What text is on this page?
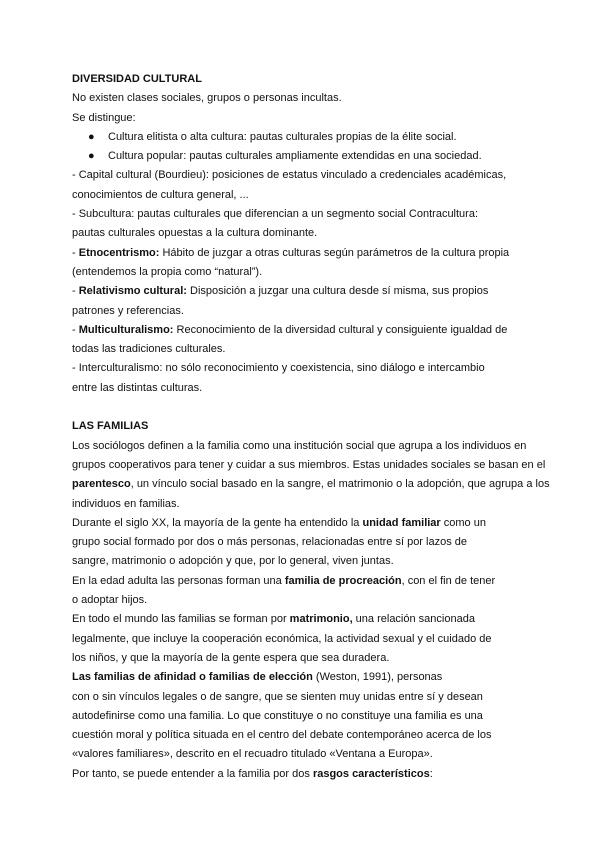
DIVERSIDAD CULTURAL
No existen clases sociales, grupos o personas incultas.
Se distingue:
● Cultura elitista o alta cultura: pautas culturales propias de la élite social.
● Cultura popular: pautas culturales ampliamente extendidas en una sociedad.
- Capital cultural (Bourdieu): posiciones de estatus vinculado a credenciales académicas,
conocimientos de cultura general, ...
- Subcultura: pautas culturales que diferencian a un segmento social Contracultura:
pautas culturales opuestas a la cultura dominante.
- Etnocentrismo: Hábito de juzgar a otras culturas según parámetros de la cultura propia
(entendemos la propia como “natural”).
- Relativismo cultural: Disposición a juzgar una cultura desde sí misma, sus propios
patrones y referencias.
- Multiculturalismo: Reconocimiento de la diversidad cultural y consiguiente igualdad de
todas las tradiciones culturales.
- Interculturalismo: no sólo reconocimiento y coexistencia, sino diálogo e intercambio
entre las distintas culturas.
LAS FAMILIAS
Los sociólogos definen a la familia como una institución social que agrupa a los individuos en
grupos cooperativos para tener y cuidar a sus miembros. Estas unidades sociales se basan en el
parentesco, un vínculo social basado en la sangre, el matrimonio o la adopción, que agrupa a los
individuos en familias.
Durante el siglo XX, la mayoría de la gente ha entendido la unidad familiar como un
grupo social formado por dos o más personas, relacionadas entre sí por lazos de
sangre, matrimonio o adopción y que, por lo general, viven juntas.
En la edad adulta las personas forman una familia de procreación, con el fin de tener
o adoptar hijos.
En todo el mundo las familias se forman por matrimonio, una relación sancionada
legalmente, que incluye la cooperación económica, la actividad sexual y el cuidado de
los niños, y que la mayoría de la gente espera que sea duradera.
Las familias de afinidad o familias de elección (Weston, 1991), personas
con o sin vínculos legales o de sangre, que se sienten muy unidas entre sí y desean
autodefinirse como una familia. Lo que constituye o no constituye una familia es una
cuestión moral y política situada en el centro del debate contemporáneo acerca de los
«valores familiares», descrito en el recuadro titulado «Ventana a Europa».
Por tanto, se puede entender a la familia por dos rasgos característicos:
